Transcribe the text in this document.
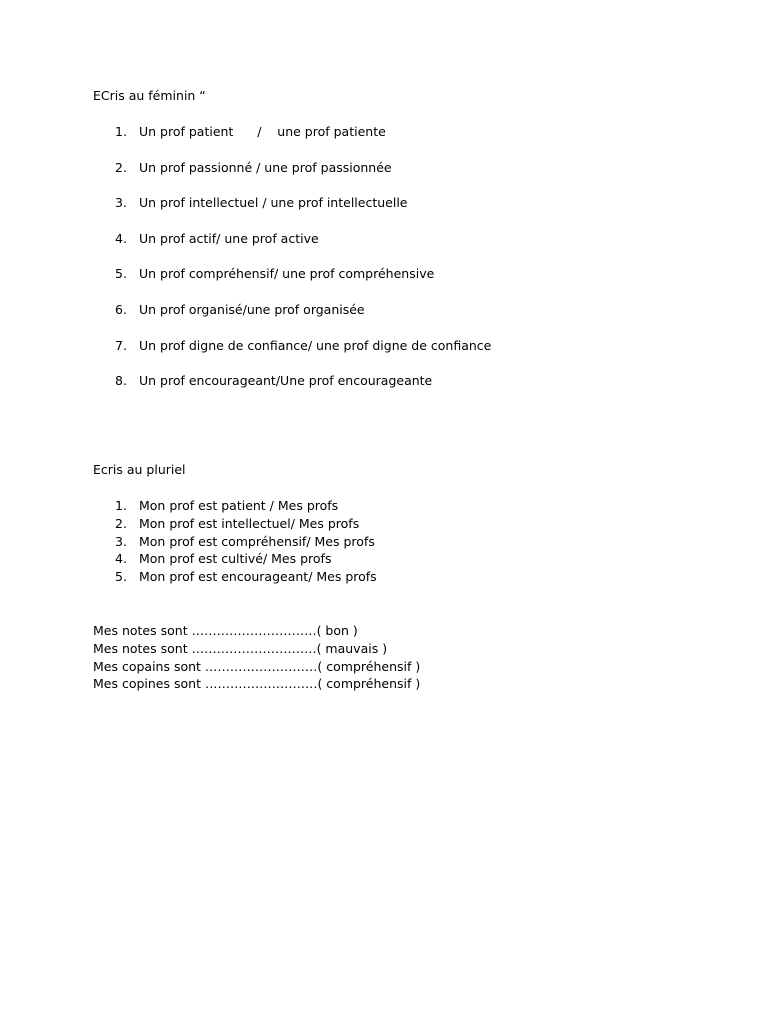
ECris au féminin “
1. Un prof patient      /    une prof patiente
2. Un prof passionné / une prof passionnée
3. Un prof intellectuel / une prof intellectuelle
4. Un prof actif/ une prof active
5. Un prof compréhensif/ une prof compréhensive
6. Un prof organisé/une prof organisée
7. Un prof digne de confiance/ une prof digne de confiance
8. Un prof encourageant/Une prof encourageante
Ecris au pluriel
1. Mon prof est patient / Mes profs
2. Mon prof est intellectuel/ Mes profs
3. Mon prof est compréhensif/ Mes profs
4. Mon prof est cultivé/ Mes profs
5. Mon prof est encourageant/ Mes profs
Mes notes sont …………………………( bon )
Mes notes sont …………………………( mauvais )
Mes copains sont ………………………( compréhensif )
Mes copines sont ………………………( compréhensif )
